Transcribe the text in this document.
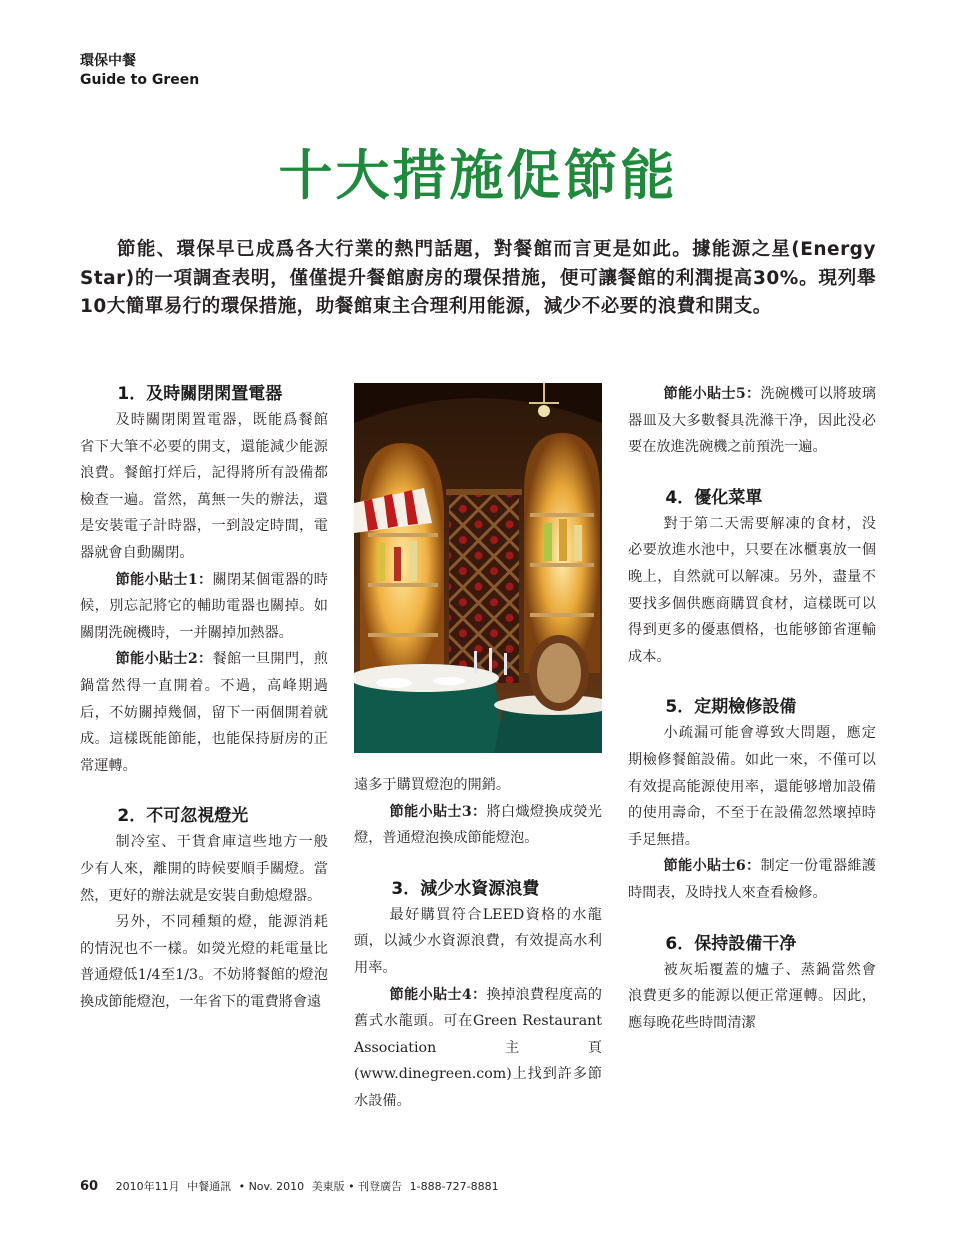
環保中餐
Guide to Green
十大措施促節能

節能、環保早已成爲各大行業的熱門話題，對餐館而言更是如此。據能源之星(Energy Star)的一項調查表明，僅僅提升餐館廚房的環保措施，便可讓餐館的利潤提高30%。現列舉10大簡單易行的環保措施，助餐館東主合理利用能源，減少不必要的浪費和開支。

1．及時關閉閑置電器

及時關閉閑置電器，既能爲餐館省下大筆不必要的開支，還能減少能源浪費。餐館打烊后，記得將所有設備都檢查一遍。當然，萬無一失的辦法，還是安裝電子計時器，一到設定時間，電器就會自動關閉。

節能小貼士1：關閉某個電器的時候，別忘記將它的輔助電器也關掉。如關閉洗碗機時，一并關掉加熱器。

節能小貼士2：餐館一旦開門，煎鍋當然得一直開着。不過，高峰期過后，不妨關掉幾個，留下一兩個開着就成。這樣既能節能，也能保持厨房的正常運轉。

2．不可忽視燈光

制冷室、干貨倉庫這些地方一般少有人來，離開的時候要順手關燈。當然，更好的辦法就是安裝自動熄燈器。

另外，不同種類的燈，能源消耗的情況也不一樣。如熒光燈的耗電量比普通燈低1/4至1/3。不妨將餐館的燈泡換成節能燈泡，一年省下的電費將會遠

遠多于購買燈泡的開銷。

節能小貼士3：將白熾燈換成熒光燈，普通燈泡換成節能燈泡。

3．減少水資源浪費

最好購買符合LEED資格的水龍頭，以減少水資源浪費，有效提高水利用率。

節能小貼士4：換掉浪費程度高的舊式水龍頭。可在Green Restaurant Association主頁(www.dinegreen.com)上找到許多節水設備。

節能小貼士5：洗碗機可以將玻璃器皿及大多數餐具洗滌干净，因此没必要在放進洗碗機之前預洗一遍。

4．優化菜單

對于第二天需要解凍的食材，没必要放進水池中，只要在冰櫃裏放一個晚上，自然就可以解凍。另外，盡量不要找多個供應商購買食材，這樣既可以得到更多的優惠價格，也能够節省運輸成本。

5．定期檢修設備

小疏漏可能會導致大問題，應定期檢修餐館設備。如此一來，不僅可以有效提高能源使用率，還能够增加設備的使用壽命，不至于在設備忽然壞掉時手足無措。

節能小貼士6：制定一份電器維護時間表，及時找人來查看檢修。

6．保持設備干净

被灰垢覆蓋的爐子、蒸鍋當然會浪費更多的能源以便正常運轉。因此，應每晚花些時間清潔

60 2010年11月 中餐通訊 • Nov. 2010 美東版 • 刊登廣告 1-888-727-8881
